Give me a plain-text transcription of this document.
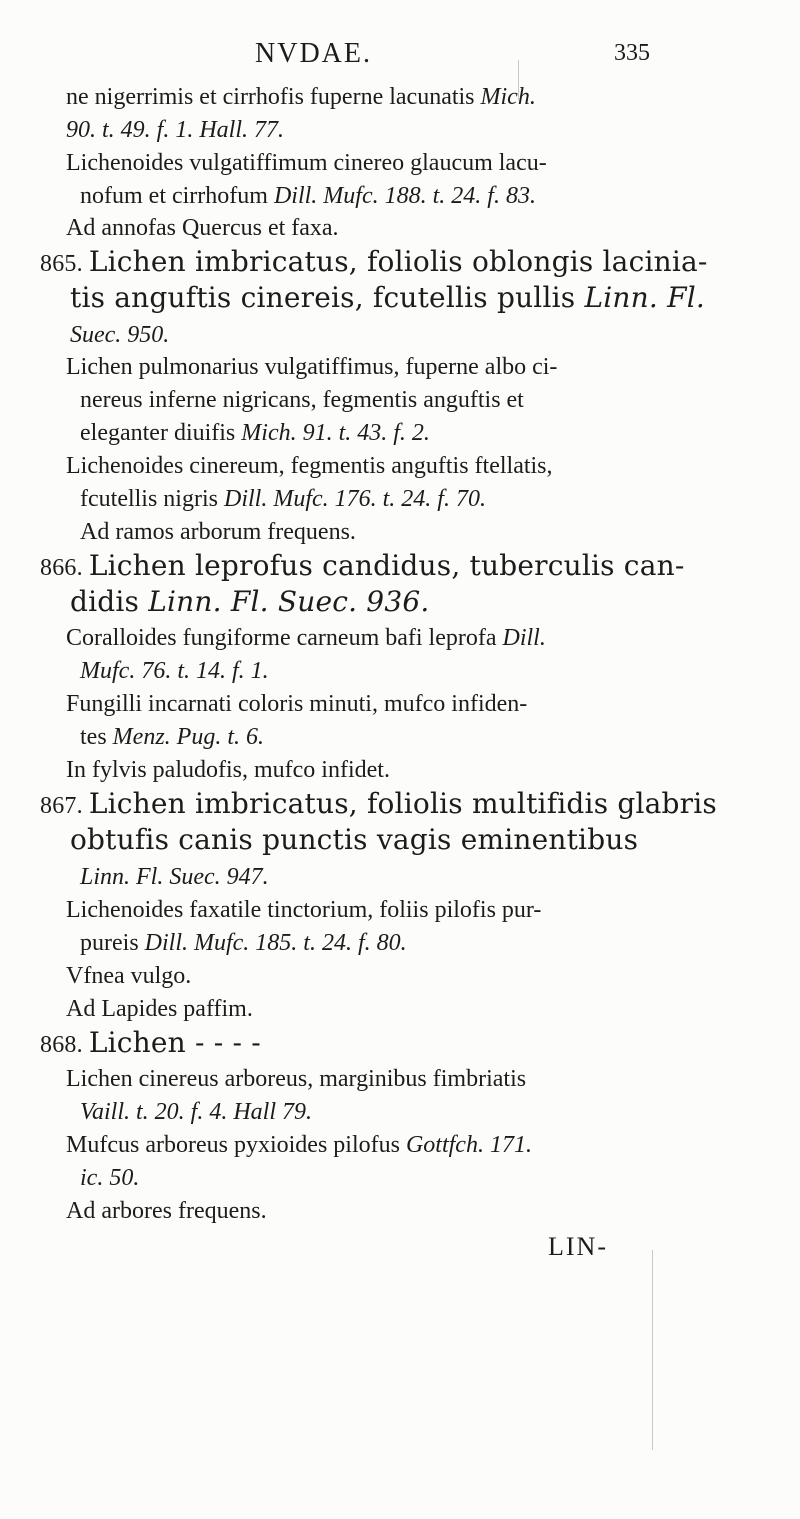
NVDAE.	335
ne nigerrimis et cirrhofis fuperne lacunatis Mich.
90. t. 49. f. 1. Hall. 77.
Lichenoides vulgatiffimum cinereo glaucum lacu-
nofum et cirrhofum Dill. Mufc. 188. t. 24. f. 83.
Ad annofas Quercus et faxa.
865. Lichen imbricatus, foliolis oblongis lacinia-
tis anguftis cinereis, fcutellis pullis Linn. Fl.
Suec. 950.
Lichen pulmonarius vulgatiffimus, fuperne albo ci-
nereus inferne nigricans, fegmentis anguftis et
eleganter diuifis Mich. 91. t. 43. f. 2.
Lichenoides cinereum, fegmentis anguftis ftellatis,
fcutellis nigris Dill. Mufc. 176. t. 24. f. 70.
Ad ramos arborum frequens.
866. Lichen leprofus candidus, tuberculis can-
didis Linn. Fl. Suec. 936.
Coralloides fungiforme carneum bafi leprofa Dill.
Mufc. 76. t. 14. f. 1.
Fungilli incarnati coloris minuti, mufco infiden-
tes Menz. Pug. t. 6.
In fylvis paludofis, mufco infidet.
867. Lichen imbricatus, foliolis multifidis glabris
obtufis canis punctis vagis eminentibus
Linn. Fl. Suec. 947.
Lichenoides faxatile tinctorium, foliis pilofis pur-
pureis Dill. Mufc. 185. t. 24. f. 80.
Vfnea vulgo.
Ad Lapides paffim.
868. Lichen - - - -
Lichen cinereus arboreus, marginibus fimbriatis
Vaill. t. 20. f. 4. Hall 79.
Mufcus arboreus pyxioides pilofus Gottfch. 171.
ic. 50.
Ad arbores frequens.
LIN-
